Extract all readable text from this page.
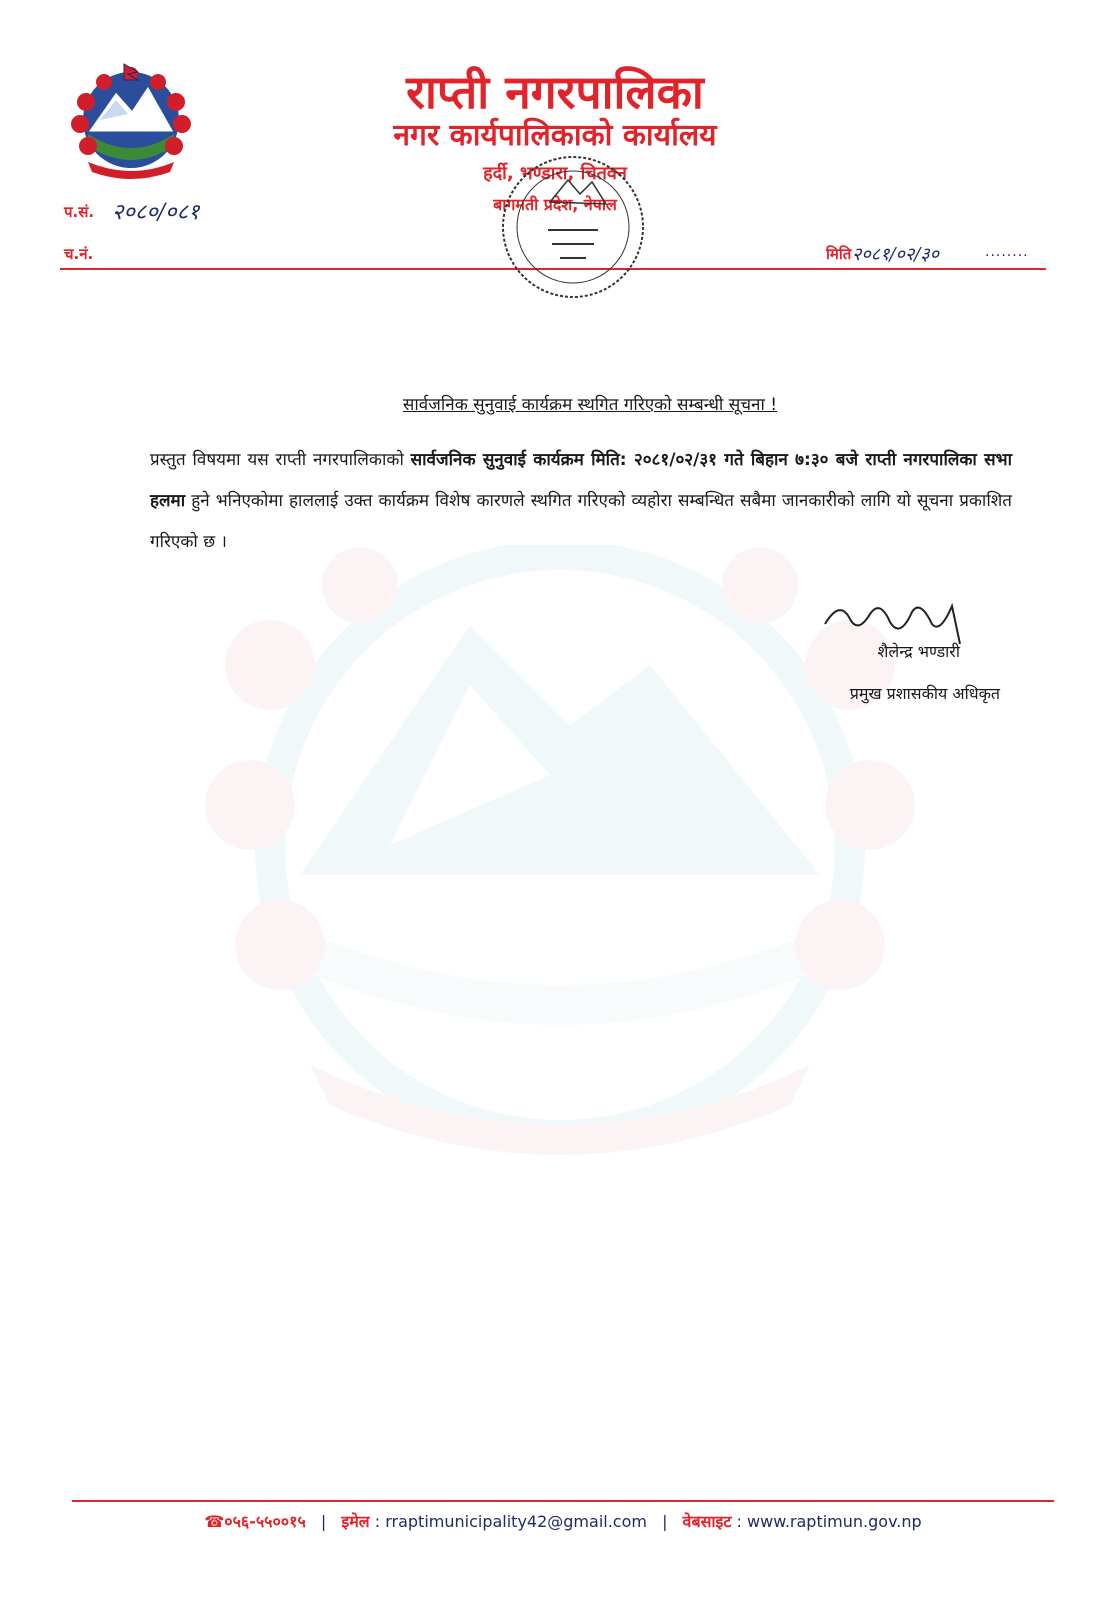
राप्ती नगरपालिका
नगर कार्यपालिकाको कार्यालय
हर्दी, भण्डारा, चितवन
बागमती प्रदेश, नेपाल
प.सं. २०८०/०८१
च.नं.	मिति २०८१/०२/३०	........
सार्वजनिक सुनुवाई कार्यक्रम स्थगित गरिएको सम्बन्धी सूचना !
प्रस्तुत विषयमा यस राप्ती नगरपालिकाको सार्वजनिक सुनुवाई कार्यक्रम मिति: २०८१/०२/३१ गते बिहान ७:३० बजे राप्ती नगरपालिका सभा हलमा हुने भनिएकोमा हाललाई उक्त कार्यक्रम विशेष कारणले स्थगित गरिएको व्यहोरा सम्बन्धित सबैमा जानकारीको लागि यो सूचना प्रकाशित गरिएको छ ।
शैलेन्द्र भण्डारी
प्रमुख प्रशासकीय अधिकृत
☎०५६-५५००१५ | इमेल : rraptimunicipality42@gmail.com | वेबसाइट : www.raptimun.gov.np
